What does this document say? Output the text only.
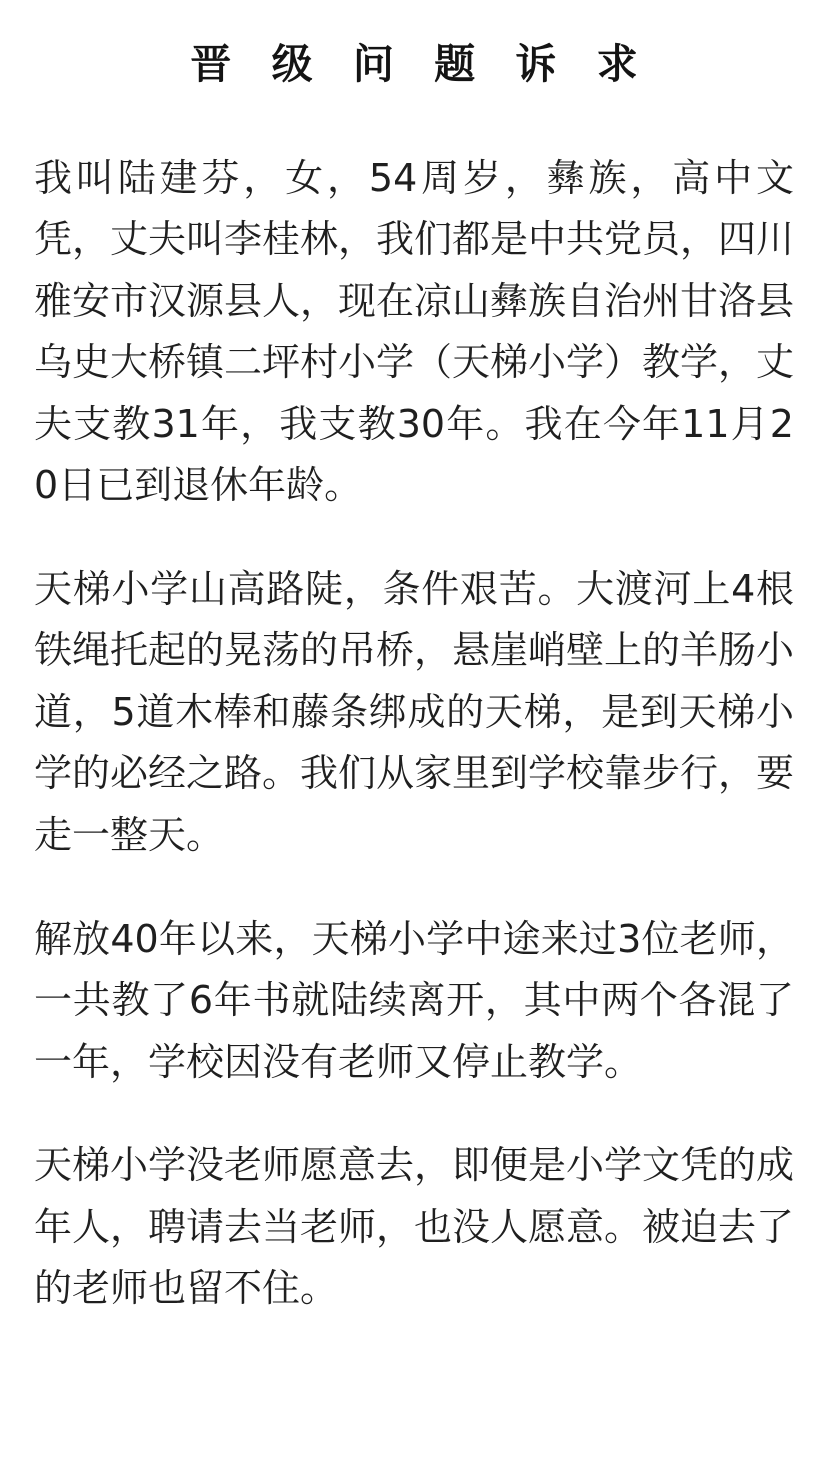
晋 级 问 题 诉 求

我叫陆建芬，女，54周岁，彝族，高中文凭，丈夫叫李桂林，我们都是中共党员，四川雅安市汉源县人，现在凉山彝族自治州甘洛县乌史大桥镇二坪村小学（天梯小学）教学，丈夫支教31年，我支教30年。我在今年11月20日已到退休年龄。

天梯小学山高路陡，条件艰苦。大渡河上4根铁绳托起的晃荡的吊桥，悬崖峭壁上的羊肠小道，5道木棒和藤条绑成的天梯，是到天梯小学的必经之路。我们从家里到学校靠步行，要走一整天。

解放40年以来，天梯小学中途来过3位老师，一共教了6年书就陆续离开，其中两个各混了一年，学校因没有老师又停止教学。

天梯小学没老师愿意去，即便是小学文凭的成年人，聘请去当老师，也没人愿意。被迫去了的老师也留不住。
